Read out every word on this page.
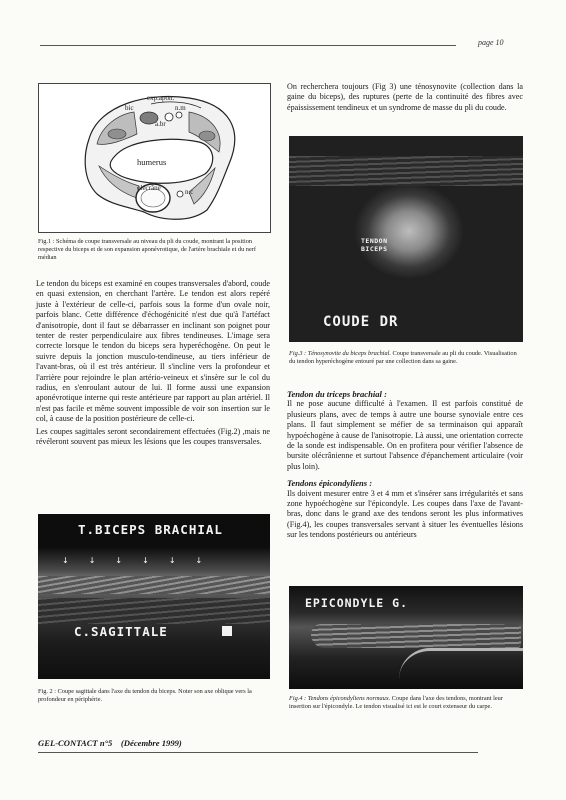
page 10
exp.apon.
bic	n.m
a.br
humerus
olécrâne	n.c
Fig.1 : Schéma de coupe transversale au niveau du pli du coude, montrant la position respective du biceps et de son expansion aponévrotique, de l'artère brachiale et du nerf médian

Le tendon du biceps est examiné en coupes transversales d'abord, coude en quasi extension, en cherchant l'artère. Le tendon est alors repéré juste à l'extérieur de celle-ci, parfois sous la forme d'un ovale noir, parfois blanc. Cette différence d'échogénicité n'est due qu'à l'artéfact d'anisotropie, dont il faut se débarrasser en inclinant son poignet pour tenter de rester perpendiculaire aux fibres tendineuses. L'image sera correcte lorsque le tendon du biceps sera hyperéchogène. On peut le suivre depuis la jonction musculo-tendineuse, au tiers inférieur de l'avant-bras, où il est très antérieur. Il s'incline vers la profondeur et l'arrière pour rejoindre le plan artério-veineux et s'insère sur le col du radius, en s'enroulant autour de lui. Il forme aussi une expansion aponévrotique interne qui reste antérieure par rapport au plan artériel. Il n'est pas facile et même souvent impossible de voir son insertion sur le col, à cause de la position postérieure de celle-ci.

Les coupes sagittales seront secondairement effectuées (Fig.2) ,mais ne révéleront souvent pas mieux les lésions que les coupes transversales.

T.BICEPS BRACHIAL
↓↓↓↓↓↓
C.SAGITTALE
Fig. 2 : Coupe sagittale dans l'axe du tendon du biceps. Noter son axe oblique vers la profondeur en périphérie.

On recherchera toujours (Fig 3) une ténosynovite (collection dans la gaine du biceps), des ruptures (perte de la continuité des fibres avec épaississement tendineux et un syndrome de masse du pli du coude.

TENDON
BICEPS
COUDE DR
Fig.3 : Ténosynovite du biceps brachial. Coupe transversale au pli du coude. Visualisation du tendon hyperéchogène entouré par une collection dans sa gaine.
Tendon du triceps brachial :

Il ne pose aucune difficulté à l'examen. Il est parfois constitué de plusieurs plans, avec de temps à autre une bourse synoviale entre ces plans. Il faut simplement se méfier de sa terminaison qui apparaît hypoéchogène à cause de l'anisotropie. Là aussi, une orientation correcte de la sonde est indispensable. On en profitera pour vérifier l'absence de bursite olécrânienne et surtout l'absence d'épanchement articulaire (voir plus loin).

Tendons épicondyliens :

Ils doivent mesurer entre 3 et 4 mm et s'insérer sans irrégularités et sans zone hypoéchogène sur l'épicondyle. Les coupes dans l'axe de l'avant-bras, donc dans le grand axe des tendons seront les plus informatives (Fig.4), les coupes transversales servant à situer les éventuelles lésions sur les tendons postérieurs ou antérieurs

EPICONDYLE G.
Fig.4 : Tendons épicondyliens normaux. Coupe dans l'axe des tendons, montrant leur insertion sur l'épicondyle. Le tendon visualisé ici est le court extenseur du carpe.
GEL-CONTACT n°5    (Décembre 1999)
